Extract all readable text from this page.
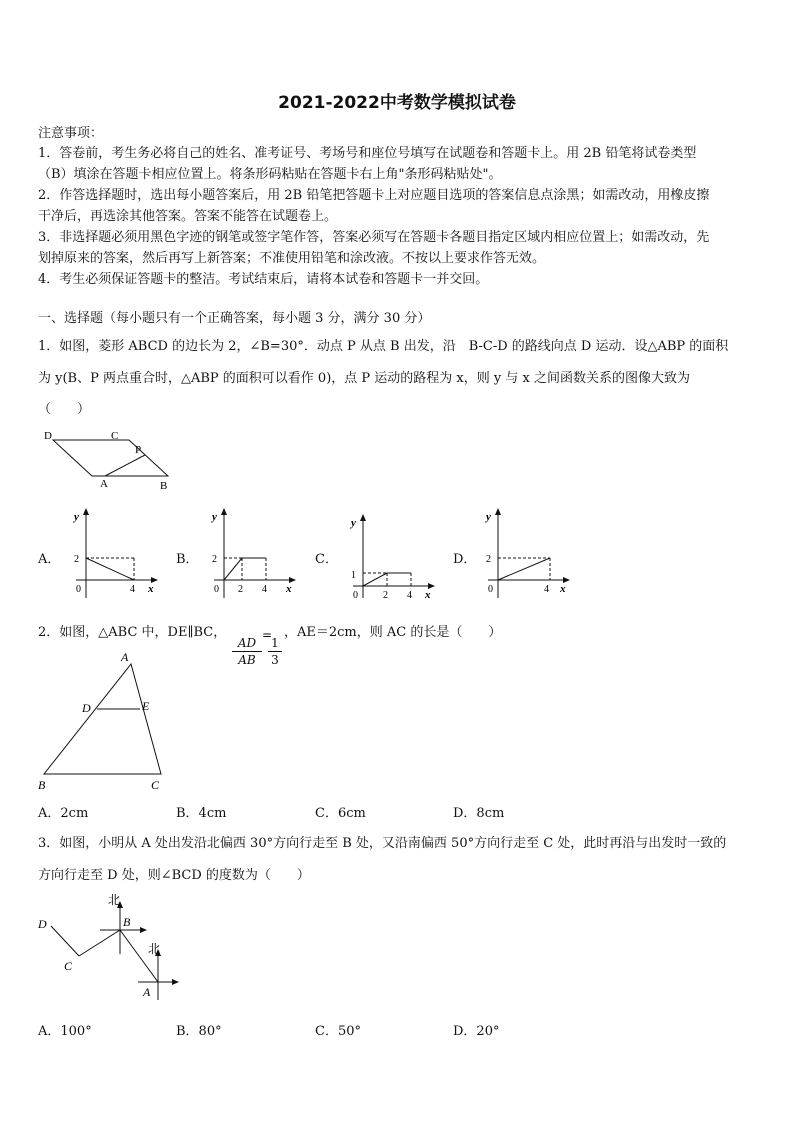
2021-2022中考数学模拟试卷
注意事项：
1．答卷前，考生务必将自己的姓名、准考证号、考场号和座位号填写在试题卷和答题卡上。用 2B 铅笔将试卷类型
（B）填涂在答题卡相应位置上。将条形码粘贴在答题卡右上角"条形码粘贴处"。
2．作答选择题时，选出每小题答案后，用 2B 铅笔把答题卡上对应题目选项的答案信息点涂黑；如需改动，用橡皮擦
干净后，再选涂其他答案。答案不能答在试题卷上。
3．非选择题必须用黑色字迹的钢笔或签字笔作答，答案必须写在答题卡各题目指定区域内相应位置上；如需改动，先
划掉原来的答案，然后再写上新答案；不准使用铅笔和涂改液。不按以上要求作答无效。
4．考生必须保证答题卡的整洁。考试结束后，请将本试卷和答题卡一并交回。
一、选择题（每小题只有一个正确答案，每小题 3 分，满分 30 分）
1．如图，菱形 ABCD 的边长为 2，∠B=30°．动点 P 从点 B 出发，沿　B-C-D 的路线向点 D 运动．设△ABP 的面积
为 y(B、P 两点重合时，△ABP 的面积可以看作 0)，点 P 运动的路程为 x，则 y 与 x 之间函数关系的图像大致为
（　　）
D	C
P
A	B
A．
y
x
0
2
4
B．
y
x
0
2
2 4
C．
y
x
0
1
2 4
D．
y
x
0
2
4
2．如图，△ABC 中，DE∥BC，
AD
AB
=
1
3
，AE＝2cm，则 AC 的长是（　　）
A
D	E
B	C
A．2cm	B．4cm	C．6cm	D．8cm
3．如图，小明从 A 处出发沿北偏西 30°方向行走至 B 处，又沿南偏西 50°方向行走至 C 处，此时再沿与出发时一致的
方向行走至 D 处，则∠BCD 的度数为（　　）
北
B
北
A
C
D
A．100°	B．80°	C．50°	D．20°
